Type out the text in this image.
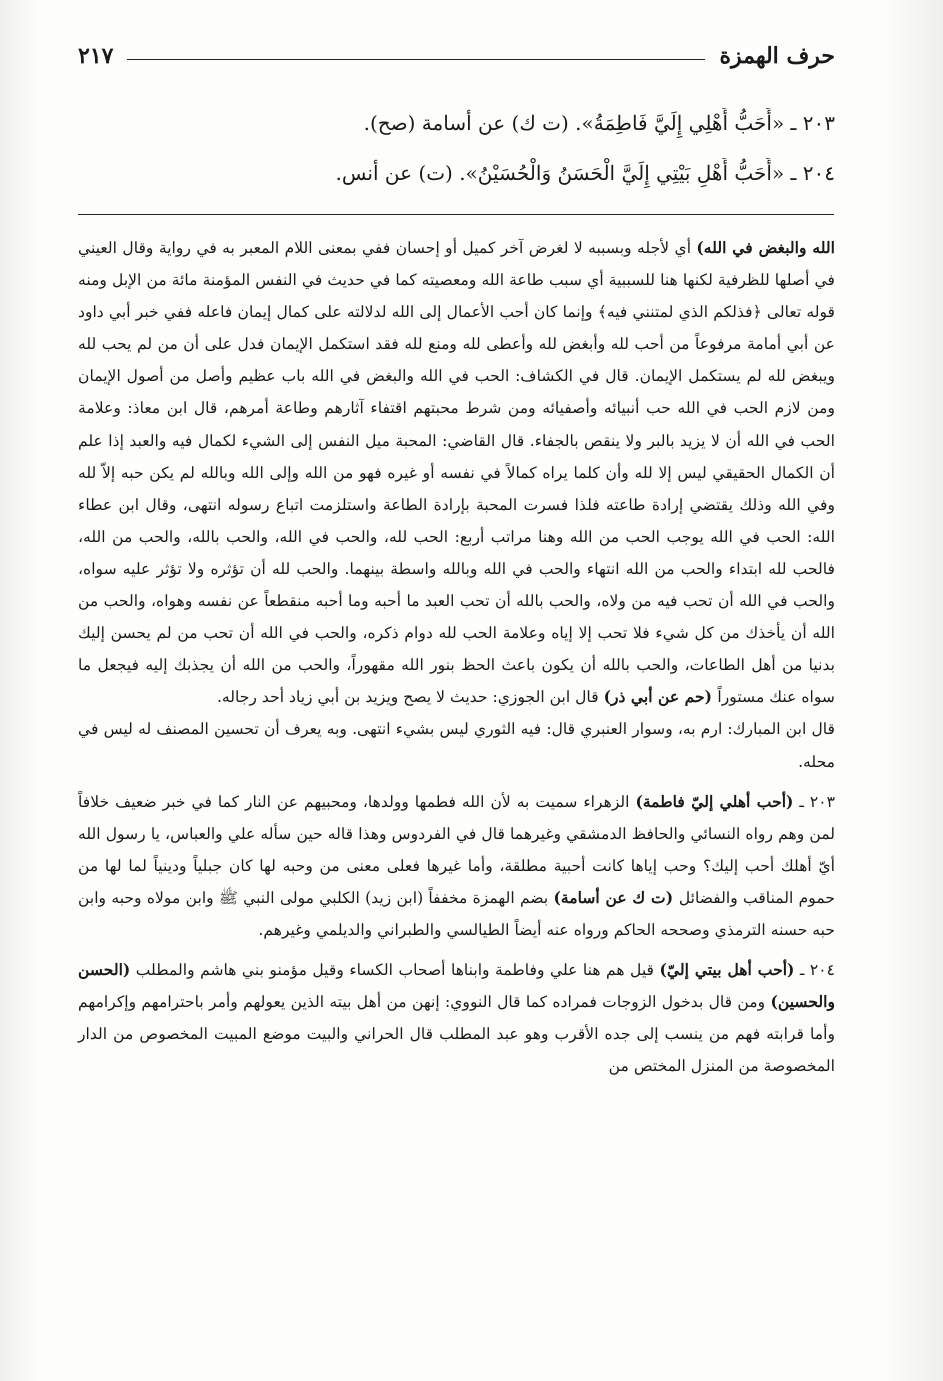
حرف الهمزة
٢١٧
٢٠٣ ـ «أَحَبُّ أَهْلِي إِلَيَّ فَاطِمَةُ». (ت ك) عن أسامة (صح).
٢٠٤ ـ «أَحَبُّ أَهْلِ بَيْتِي إِلَيَّ الْحَسَنُ وَالْحُسَيْنُ». (ت) عن أنس.

الله والبغض في الله) أي لأجله وبسببه لا لغرض آخر كميل أو إحسان ففي بمعنى اللام المعبر به في رواية وقال العيني في أصلها للظرفية لكنها هنا للسببية أي سبب طاعة الله ومعصيته كما في حديث في النفس المؤمنة مائة من الإبل ومنه قوله تعالى ﴿فذلكم الذي لمتنني فيه﴾ وإنما كان أحب الأعمال إلى الله لدلالته على كمال إيمان فاعله ففي خبر أبي داود عن أبي أمامة مرفوعاً من أحب لله وأبغض لله وأعطى لله ومنع لله فقد استكمل الإيمان فدل على أن من لم يحب لله ويبغض لله لم يستكمل الإيمان. قال في الكشاف: الحب في الله والبغض في الله باب عظيم وأصل من أصول الإيمان ومن لازم الحب في الله حب أنبيائه وأصفيائه ومن شرط محبتهم اقتفاء آثارهم وطاعة أمرهم، قال ابن معاذ: وعلامة الحب في الله أن لا يزيد بالبر ولا ينقص بالجفاء. قال القاضي: المحبة ميل النفس إلى الشيء لكمال فيه والعبد إذا علم أن الكمال الحقيقي ليس إلا لله وأن كلما يراه كمالاً في نفسه أو غيره فهو من الله وإلى الله وبالله لم يكن حبه إلاّ لله وفي الله وذلك يقتضي إرادة طاعته فلذا فسرت المحبة بإرادة الطاعة واستلزمت اتباع رسوله انتهى، وقال ابن عطاء الله: الحب في الله يوجب الحب من الله وهنا مراتب أربع: الحب لله، والحب في الله، والحب بالله، والحب من الله، فالحب لله ابتداء والحب من الله انتهاء والحب في الله وبالله واسطة بينهما. والحب لله أن تؤثره ولا تؤثر عليه سواه، والحب في الله أن تحب فيه من ولاه، والحب بالله أن تحب العبد ما أحبه وما أحبه منقطعاً عن نفسه وهواه، والحب من الله أن يأخذك من كل شيء فلا تحب إلا إياه وعلامة الحب لله دوام ذكره، والحب في الله أن تحب من لم يحسن إليك بدنيا من أهل الطاعات، والحب بالله أن يكون باعث الحظ بنور الله مقهوراً، والحب من الله أن يجذبك إليه فيجعل ما سواه عنك مستوراً (حم عن أبي ذر) قال ابن الجوزي: حديث لا يصح ويزيد بن أبي زياد أحد رجاله.

قال ابن المبارك: ارم به، وسوار العنبري قال: فيه الثوري ليس بشيء انتهى. وبه يعرف أن تحسين المصنف له ليس في محله.

٢٠٣ ـ (أحب أهلي إليّ فاطمة) الزهراء سميت به لأن الله فطمها وولدها، ومحبيهم عن النار كما في خبر ضعيف خلافاً لمن وهم رواه النسائي والحافظ الدمشقي وغيرهما قال في الفردوس وهذا قاله حين سأله علي والعباس، يا رسول الله أيّ أهلك أحب إليك؟ وحب إياها كانت أحبية مطلقة، وأما غيرها فعلى معنى من وحبه لها كان جبلياً ودينياً لما لها من حموم المناقب والفضائل (ت ك عن أسامة) بضم الهمزة مخففاً (ابن زيد) الكلبي مولى النبي ﷺ وابن مولاه وحبه وابن حبه حسنه الترمذي وصححه الحاكم ورواه عنه أيضاً الطيالسي والطبراني والديلمي وغيرهم.

٢٠٤ ـ (أحب أهل بيتي إليّ) قيل هم هنا علي وفاطمة وابناها أصحاب الكساء وقيل مؤمنو بني هاشم والمطلب (الحسن والحسين) ومن قال بدخول الزوجات فمراده كما قال النووي: إنهن من أهل بيته الذين يعولهم وأمر باحترامهم وإكرامهم وأما قرابته فهم من ينسب إلى جده الأقرب وهو عبد المطلب قال الحراني والبيت موضع المبيت المخصوص من الدار المخصوصة من المنزل المختص من
